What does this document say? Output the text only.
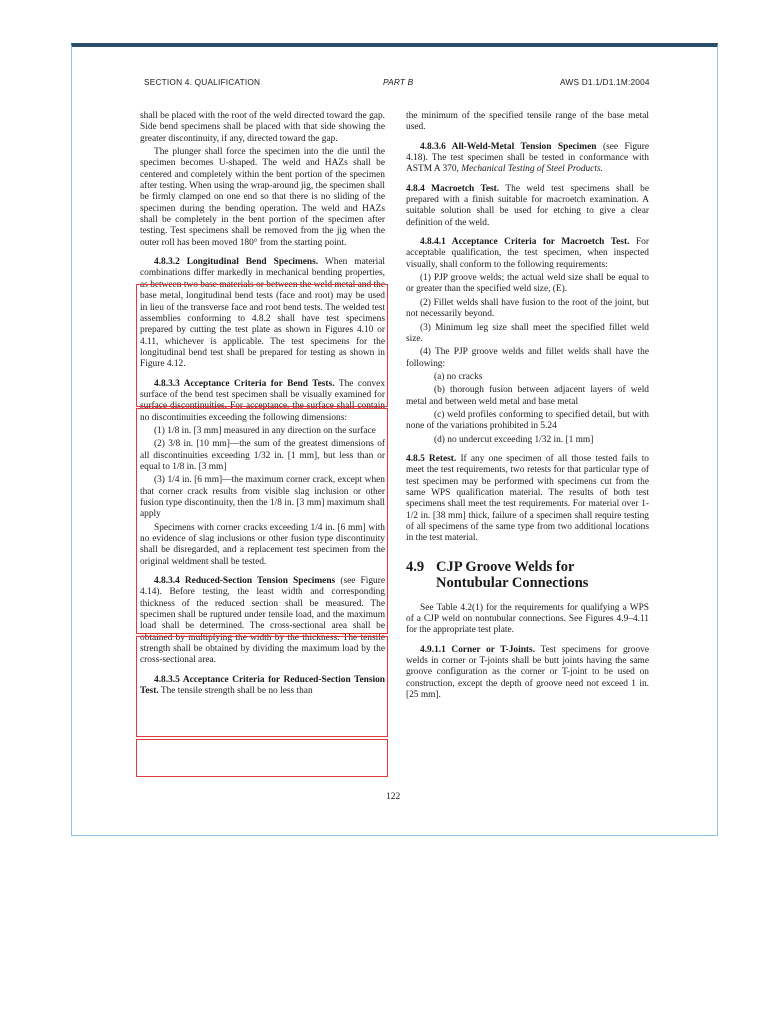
SECTION 4. QUALIFICATION	PART B	AWS D1.1/D1.1M:2004

shall be placed with the root of the weld directed toward the gap. Side bend specimens shall be placed with that side showing the greater discontinuity, if any, directed toward the gap.

The plunger shall force the specimen into the die until the specimen becomes U-shaped. The weld and HAZs shall be centered and completely within the bent portion of the specimen after testing. When using the wrap-around jig, the specimen shall be firmly clamped on one end so that there is no sliding of the specimen during the bending operation. The weld and HAZs shall be completely in the bent portion of the specimen after testing. Test specimens shall be removed from the jig when the outer roll has been moved 180° from the starting point.

4.8.3.2 Longitudinal Bend Specimens. When material combinations differ markedly in mechanical bending properties, as between two base materials or between the weld metal and the base metal, longitudinal bend tests (face and root) may be used in lieu of the transverse face and root bend tests. The welded test assemblies conforming to 4.8.2 shall have test specimens prepared by cutting the test plate as shown in Figures 4.10 or 4.11, whichever is applicable. The test specimens for the longitudinal bend test shall be prepared for testing as shown in Figure 4.12.

4.8.3.3 Acceptance Criteria for Bend Tests. The convex surface of the bend test specimen shall be visually examined for surface discontinuities. For acceptance, the surface shall contain no discontinuities exceeding the following dimensions:

(1) 1/8 in. [3 mm] measured in any direction on the surface

(2) 3/8 in. [10 mm]—the sum of the greatest dimensions of all discontinuities exceeding 1/32 in. [1 mm], but less than or equal to 1/8 in. [3 mm]

(3) 1/4 in. [6 mm]—the maximum corner crack, except when that corner crack results from visible slag inclusion or other fusion type discontinuity, then the 1/8 in. [3 mm] maximum shall apply

Specimens with corner cracks exceeding 1/4 in. [6 mm] with no evidence of slag inclusions or other fusion type discontinuity shall be disregarded, and a replacement test specimen from the original weldment shall be tested.

4.8.3.4 Reduced-Section Tension Specimens (see Figure 4.14). Before testing, the least width and corresponding thickness of the reduced section shall be measured. The specimen shall be ruptured under tensile load, and the maximum load shall be determined. The cross-sectional area shall be obtained by multiplying the width by the thickness. The tensile strength shall be obtained by dividing the maximum load by the cross-sectional area.

4.8.3.5 Acceptance Criteria for Reduced-Section Tension Test. The tensile strength shall be no less than

the minimum of the specified tensile range of the base metal used.

4.8.3.6 All-Weld-Metal Tension Specimen (see Figure 4.18). The test specimen shall be tested in conformance with ASTM A 370, Mechanical Testing of Steel Products.

4.8.4 Macroetch Test. The weld test specimens shall be prepared with a finish suitable for macroetch examination. A suitable solution shall be used for etching to give a clear definition of the weld.

4.8.4.1 Acceptance Criteria for Macroetch Test. For acceptable qualification, the test specimen, when inspected visually, shall conform to the following requirements:

(1) PJP groove welds; the actual weld size shall be equal to or greater than the specified weld size, (E).

(2) Fillet welds shall have fusion to the root of the joint, but not necessarily beyond.

(3) Minimum leg size shall meet the specified fillet weld size.

(4) The PJP groove welds and fillet welds shall have the following:

(a) no cracks

(b) thorough fusion between adjacent layers of weld metal and between weld metal and base metal

(c) weld profiles conforming to specified detail, but with none of the variations prohibited in 5.24

(d) no undercut exceeding 1/32 in. [1 mm]

4.8.5 Retest. If any one specimen of all those tested fails to meet the test requirements, two retests for that particular type of test specimen may be performed with specimens cut from the same WPS qualification material. The results of both test specimens shall meet the test requirements. For material over 1-1/2 in. [38 mm] thick, failure of a specimen shall require testing of all specimens of the same type from two additional locations in the test material.

4.9 CJP Groove Welds for
Nontubular Connections

See Table 4.2(1) for the requirements for qualifying a WPS of a CJP weld on nontubular connections. See Figures 4.9–4.11 for the appropriate test plate.

4.9.1.1 Corner or T-Joints. Test specimens for groove welds in corner or T-joints shall be butt joints having the same groove configuration as the corner or T-joint to be used on construction, except the depth of groove need not exceed 1 in. [25 mm].

122
